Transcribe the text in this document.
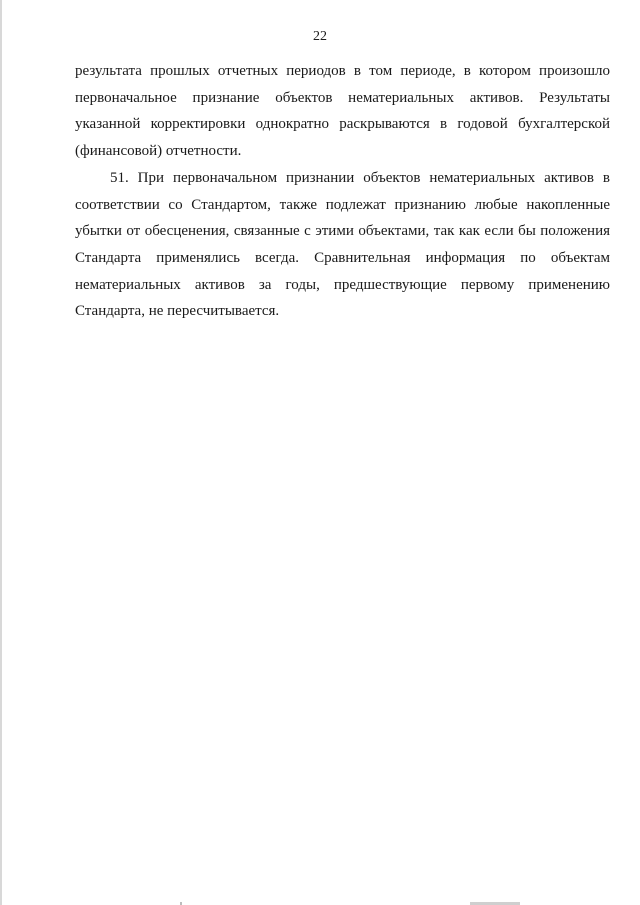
22

результата прошлых отчетных периодов в том периоде, в котором произошло
первоначальное признание объектов нематериальных активов. Результаты
указанной корректировки однократно раскрываются в годовой бухгалтерской
(финансовой) отчетности.

51. При первоначальном признании объектов нематериальных активов в
соответствии со Стандартом, также подлежат признанию любые накопленные
убытки от обесценения, связанные с этими объектами, так как если бы положения
Стандарта применялись всегда. Сравнительная информация по объектам
нематериальных активов за годы, предшествующие первому применению
Стандарта, не пересчитывается.
